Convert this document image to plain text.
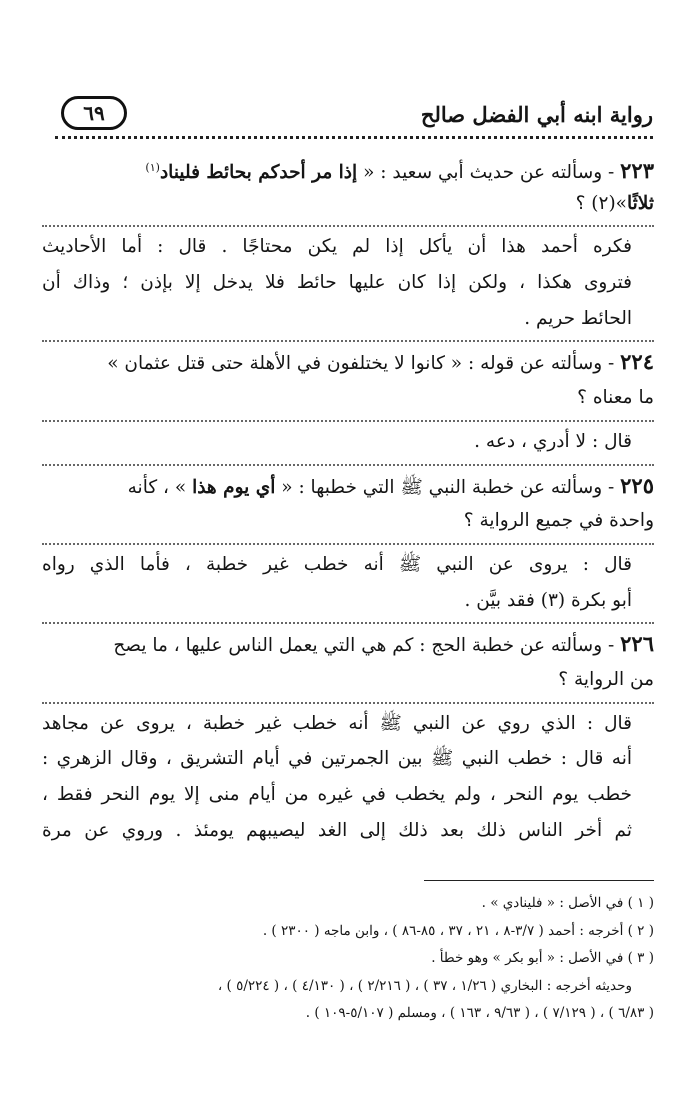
رواية ابنه أبي الفضل صالح
٦٩
٢٢٣ - وسألته عن حديث أبي سعيد : « إذا مر أحدكم بحائط فليناد$^{(١)}$
ثلاثًا»(٢) ؟
فكره أحمد هذا أن يأكل إذا لم يكن محتاجًا . قال : أما الأحاديث
فتروى هكذا ، ولكن إذا كان عليها حائط فلا يدخل إلا بإذن ؛ وذاك أن
الحائط حريم .
٢٢٤ - وسألته عن قوله : « كانوا لا يختلفون في الأهلة حتى قتل عثمان »
ما معناه ؟
قال : لا أدري ، دعه .
٢٢٥ - وسألته عن خطبة النبي ﷺ التي خطبها : « أي يوم هذا » ، كأنه
واحدة في جميع الرواية ؟
قال : يروى عن النبي ﷺ أنه خطب غير خطبة ، فأما الذي رواه
أبو بكرة (٣) فقد بيَّن .
٢٢٦ - وسألته عن خطبة الحج : كم هي التي يعمل الناس عليها ، ما يصح
من الرواية ؟
قال : الذي روي عن النبي ﷺ أنه خطب غير خطبة ، يروى عن مجاهد
أنه قال : خطب النبي ﷺ بين الجمرتين في أيام التشريق ، وقال الزهري :
خطب يوم النحر ، ولم يخطب في غيره من أيام منى إلا يوم النحر فقط ،
ثم أخر الناس ذلك بعد ذلك إلى الغد ليصيبهم يومئذ . وروي عن مرة
( ١ ) في الأصل : « فلينادي » .
( ٢ ) أخرجه : أحمد ( ٣/٧-٨ ، ٢١ ، ٣٧ ، ٨٥-٨٦ ) ، وابن ماجه ( ٢٣٠٠ ) .
( ٣ ) في الأصل : « أبو بكر » وهو خطأ .
وحديثه أخرجه : البخاري ( ١/٢٦ ، ٣٧ ) ، ( ٢/٢١٦ ) ، ( ٤/١٣٠ ) ، ( ٥/٢٢٤ ) ،
( ٦/٨٣ ) ، ( ٧/١٢٩ ) ، ( ٩/٦٣ ، ١٦٣ ) ، ومسلم ( ٥/١٠٧-١٠٩ ) .
